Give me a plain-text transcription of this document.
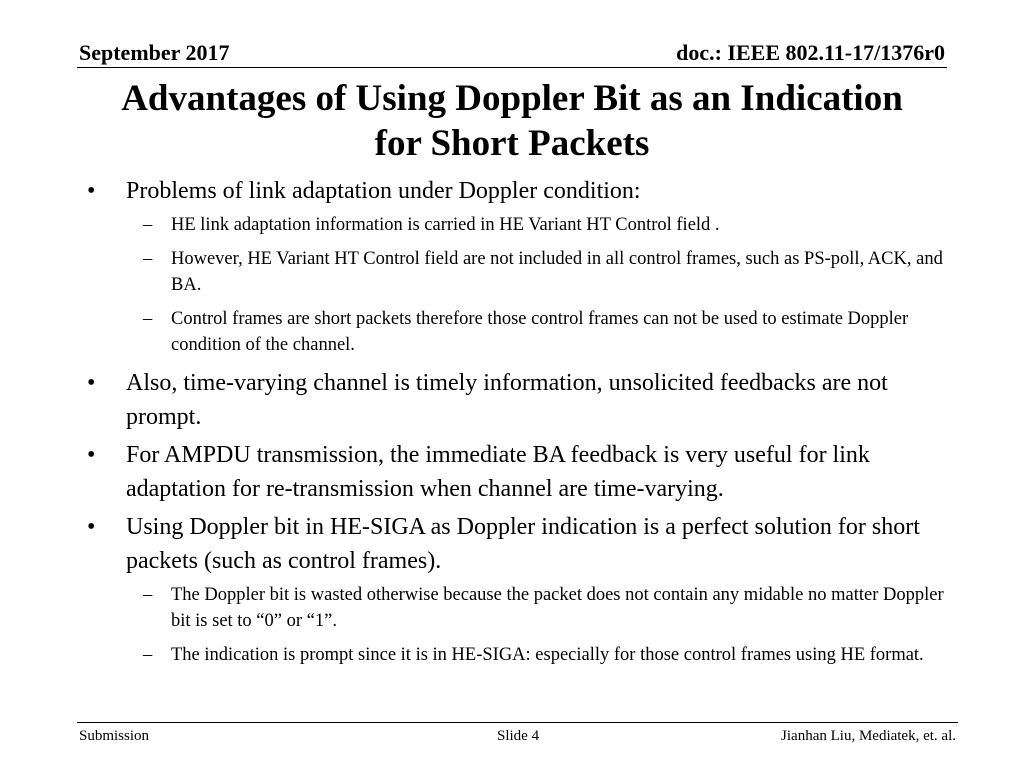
September 2017	doc.: IEEE 802.11-17/1376r0
Advantages of Using Doppler Bit as an Indication
for Short Packets
• Problems of link adaptation under Doppler condition:
– HE link adaptation information is carried in HE Variant HT Control field .
– However, HE Variant HT Control field are not included in all control frames, such as PS-poll, ACK, and BA.
– Control frames are short packets therefore those control frames can not be used to estimate Doppler condition of the channel.
• Also, time-varying channel is timely information, unsolicited feedbacks are not prompt.
• For AMPDU transmission, the immediate BA feedback is very useful for link adaptation for re-transmission when channel are time-varying.
• Using Doppler bit in HE-SIGA as Doppler indication is a perfect solution for short packets (such as control frames).
– The Doppler bit is wasted otherwise because the packet does not contain any midable no matter Doppler bit is set to “0” or “1”.
– The indication is prompt since it is in HE-SIGA: especially for those control frames using HE format.
Submission	Slide 4	Jianhan Liu, Mediatek, et. al.
